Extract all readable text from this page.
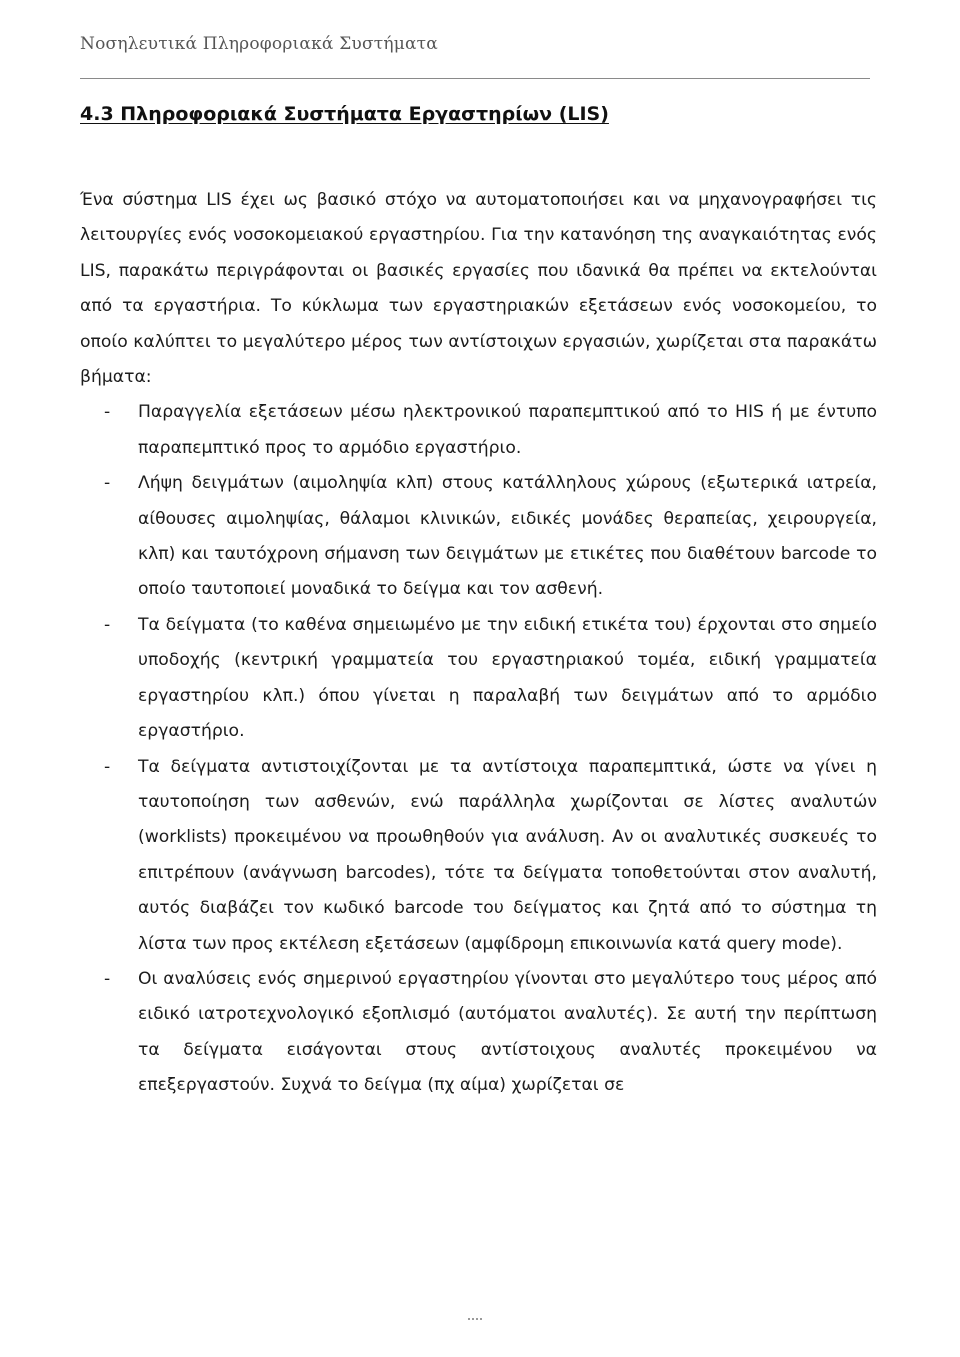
Νοσηλευτικά Πληροφοριακά Συστήματα
4.3 Πληροφοριακά Συστήματα Εργαστηρίων (LIS)

Ένα σύστημα LIS έχει ως βασικό στόχο να αυτοματοποιήσει και να μηχανογραφήσει τις λειτουργίες ενός νοσοκομειακού εργαστηρίου. Για την κατανόηση της αναγκαιότητας ενός LIS, παρακάτω περιγράφονται οι βασικές εργασίες που ιδανικά θα πρέπει να εκτελούνται από τα εργαστήρια. Το κύκλωμα των εργαστηριακών εξετάσεων ενός νοσοκομείου, το οποίο καλύπτει το μεγαλύτερο μέρος των αντίστοιχων εργασιών, χωρίζεται στα παρακάτω βήματα:

- Παραγγελία εξετάσεων μέσω ηλεκτρονικού παραπεμπτικού από το HIS ή με έντυπο παραπεμπτικό προς το αρμόδιο εργαστήριο.
- Λήψη δειγμάτων (αιμοληψία κλπ) στους κατάλληλους χώρους (εξωτερικά ιατρεία, αίθουσες αιμοληψίας, θάλαμοι κλινικών, ειδικές μονάδες θεραπείας, χειρουργεία, κλπ) και ταυτόχρονη σήμανση των δειγμάτων με ετικέτες που διαθέτουν barcode το οποίο ταυτοποιεί μοναδικά το δείγμα και τον ασθενή.
- Τα δείγματα (το καθένα σημειωμένο με την ειδική ετικέτα του) έρχονται στο σημείο υποδοχής (κεντρική γραμματεία του εργαστηριακού τομέα, ειδική γραμματεία εργαστηρίου κλπ.) όπου γίνεται η παραλαβή των δειγμάτων από το αρμόδιο εργαστήριο.
- Τα δείγματα αντιστοιχίζονται με τα αντίστοιχα παραπεμπτικά, ώστε να γίνει η ταυτοποίηση των ασθενών, ενώ παράλληλα χωρίζονται σε λίστες αναλυτών (worklists) προκειμένου να προωθηθούν για ανάλυση. Αν οι αναλυτικές συσκευές το επιτρέπουν (ανάγνωση barcodes), τότε τα δείγματα τοποθετούνται στον αναλυτή, αυτός διαβάζει τον κωδικό barcode του δείγματος και ζητά από το σύστημα τη λίστα των προς εκτέλεση εξετάσεων (αμφίδρομη επικοινωνία κατά query mode).
- Οι αναλύσεις ενός σημερινού εργαστηρίου γίνονται στο μεγαλύτερο τους μέρος από ειδικό ιατροτεχνολογικό εξοπλισμό (αυτόματοι αναλυτές). Σε αυτή την περίπτωση τα δείγματα εισάγονται στους αντίστοιχους αναλυτές προκειμένου να επεξεργαστούν. Συχνά το δείγμα (πχ αίμα) χωρίζεται σε
